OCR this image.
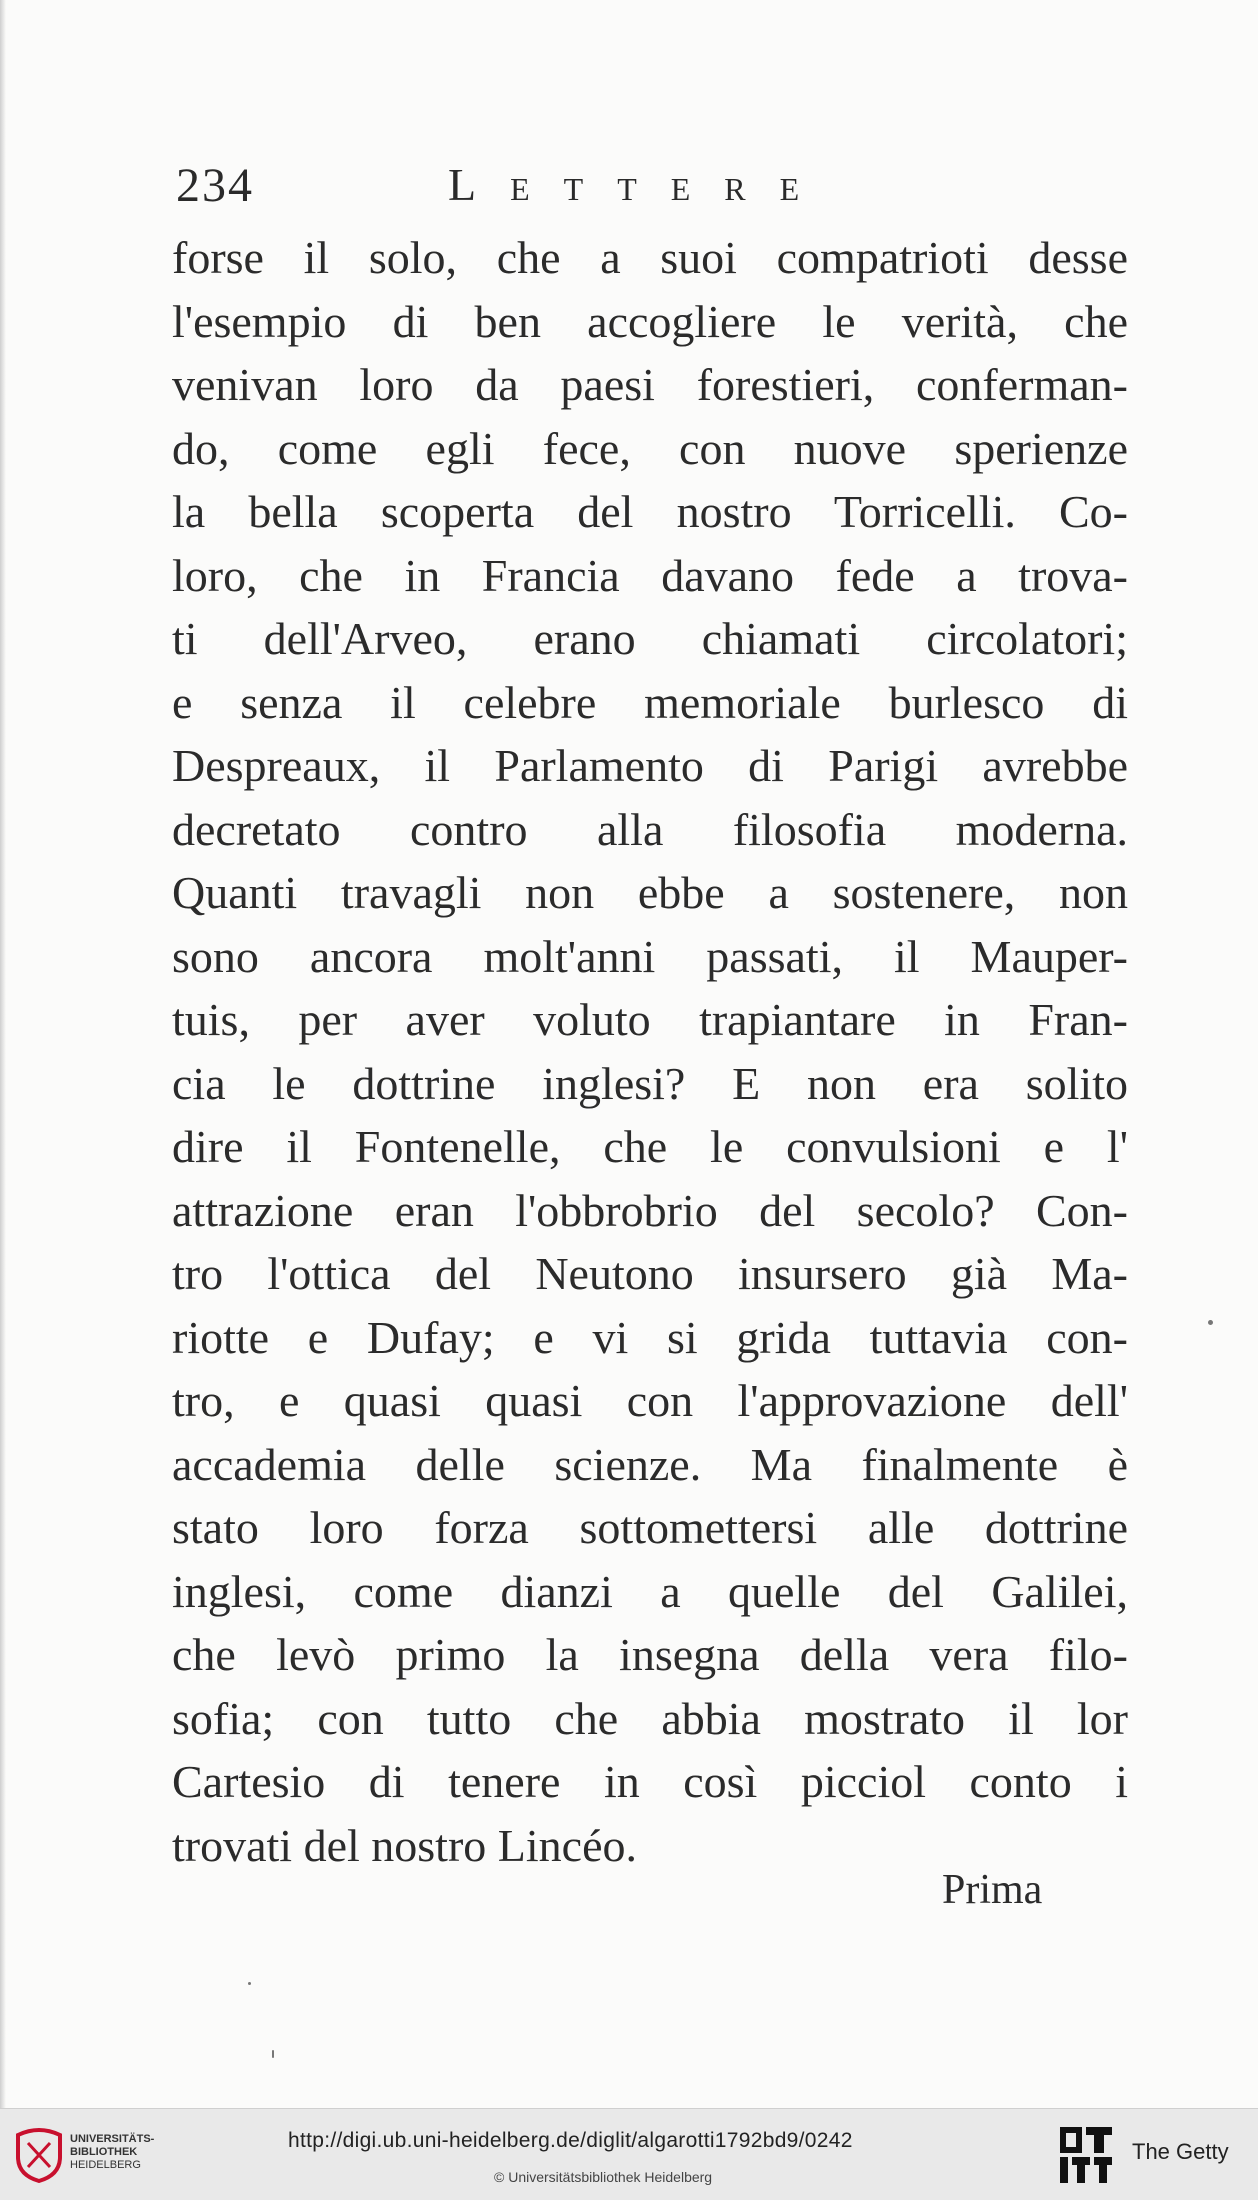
234	Lettere
forse il solo, che a suoi compatrioti desse
l'esempio di ben accogliere le verità, che
venivan loro da paesi forestieri, conferman-
do, come egli fece, con nuove sperienze
la bella scoperta del nostro Torricelli. Co-
loro, che in Francia davano fede a trova-
ti dell'Arveo, erano chiamati circolatori;
e senza il celebre memoriale burlesco di
Despreaux, il Parlamento di Parigi avrebbe
decretato contro alla filosofia moderna.
Quanti travagli non ebbe a sostenere, non
sono ancora molt'anni passati, il Mauper-
tuis, per aver voluto trapiantare in Fran-
cia le dottrine inglesi? E non era solito
dire il Fontenelle, che le convulsioni e l'
attrazione eran l'obbrobrio del secolo? Con-
tro l'ottica del Neutono insursero già Ma-
riotte e Dufay; e vi si grida tuttavia con-
tro, e quasi quasi con l'approvazione dell'
accademia delle scienze. Ma finalmente è
stato loro forza sottomettersi alle dottrine
inglesi, come dianzi a quelle del Galilei,
che levò primo la insegna della vera filo-
sofia; con tutto che abbia mostrato il lor
Cartesio di tenere in così picciol conto i
trovati del nostro Lincéo.
Prima
UNIVERSITÄTS-
BIBLIOTHEK
HEIDELBERG
http://digi.ub.uni-heidelberg.de/diglit/algarotti1792bd9/0242
© Universitätsbibliothek Heidelberg
The Getty
